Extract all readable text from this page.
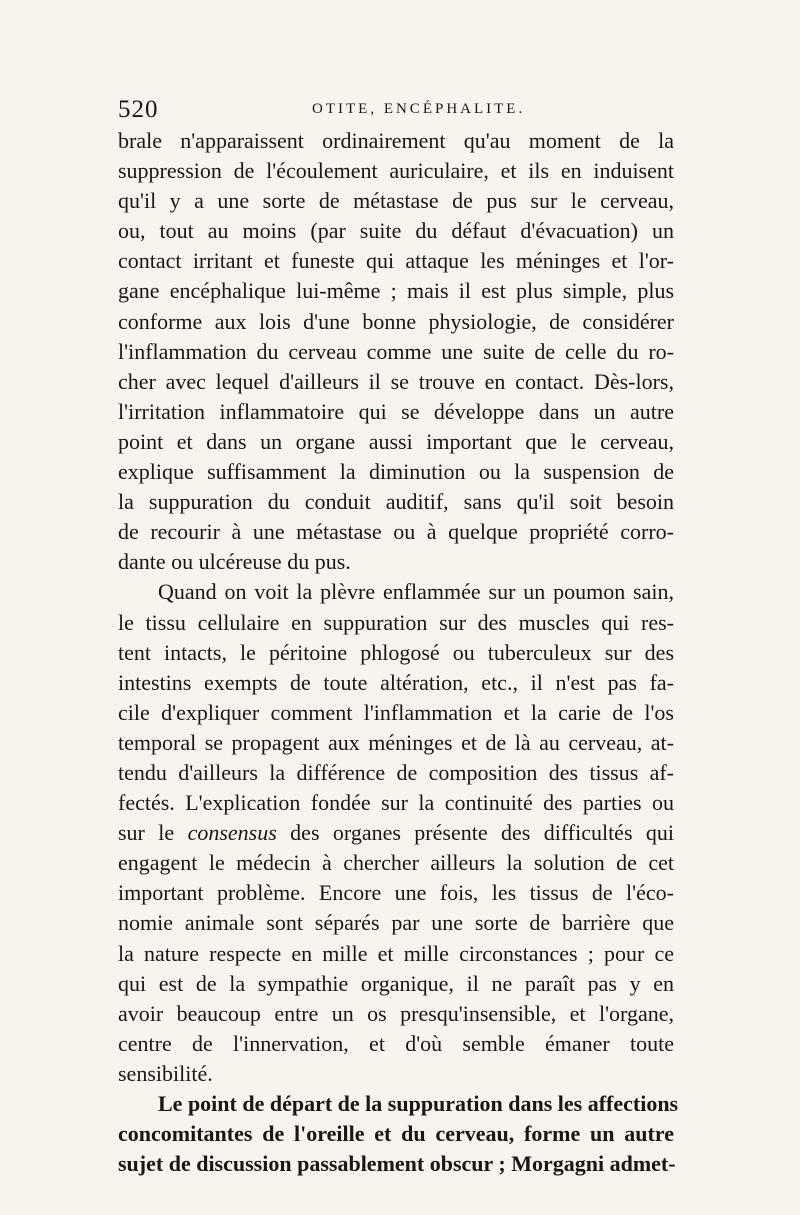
520	OTITE, ENCÉPHALITE.
brale n'apparaissent ordinairement qu'au moment de la
suppression de l'écoulement auriculaire, et ils en induisent
qu'il y a une sorte de métastase de pus sur le cerveau,
ou, tout au moins (par suite du défaut d'évacuation) un
contact irritant et funeste qui attaque les méninges et l'or-
gane encéphalique lui-même ; mais il est plus simple, plus
conforme aux lois d'une bonne physiologie, de considérer
l'inflammation du cerveau comme une suite de celle du ro-
cher avec lequel d'ailleurs il se trouve en contact. Dès-lors,
l'irritation inflammatoire qui se développe dans un autre
point et dans un organe aussi important que le cerveau,
explique suffisamment la diminution ou la suspension de
la suppuration du conduit auditif, sans qu'il soit besoin
de recourir à une métastase ou à quelque propriété corro-
dante ou ulcéreuse du pus.
Quand on voit la plèvre enflammée sur un poumon sain,
le tissu cellulaire en suppuration sur des muscles qui res-
tent intacts, le péritoine phlogosé ou tuberculeux sur des
intestins exempts de toute altération, etc., il n'est pas fa-
cile d'expliquer comment l'inflammation et la carie de l'os
temporal se propagent aux méninges et de là au cerveau, at-
tendu d'ailleurs la différence de composition des tissus af-
fectés. L'explication fondée sur la continuité des parties ou
sur le consensus des organes présente des difficultés qui
engagent le médecin à chercher ailleurs la solution de cet
important problème. Encore une fois, les tissus de l'éco-
nomie animale sont séparés par une sorte de barrière que
la nature respecte en mille et mille circonstances ; pour ce
qui est de la sympathie organique, il ne paraît pas y en
avoir beaucoup entre un os presqu'insensible, et l'organe,
centre de l'innervation, et d'où semble émaner toute
sensibilité.
Le point de départ de la suppuration dans les affections
concomitantes de l'oreille et du cerveau, forme un autre
sujet de discussion passablement obscur ; Morgagni admet-
